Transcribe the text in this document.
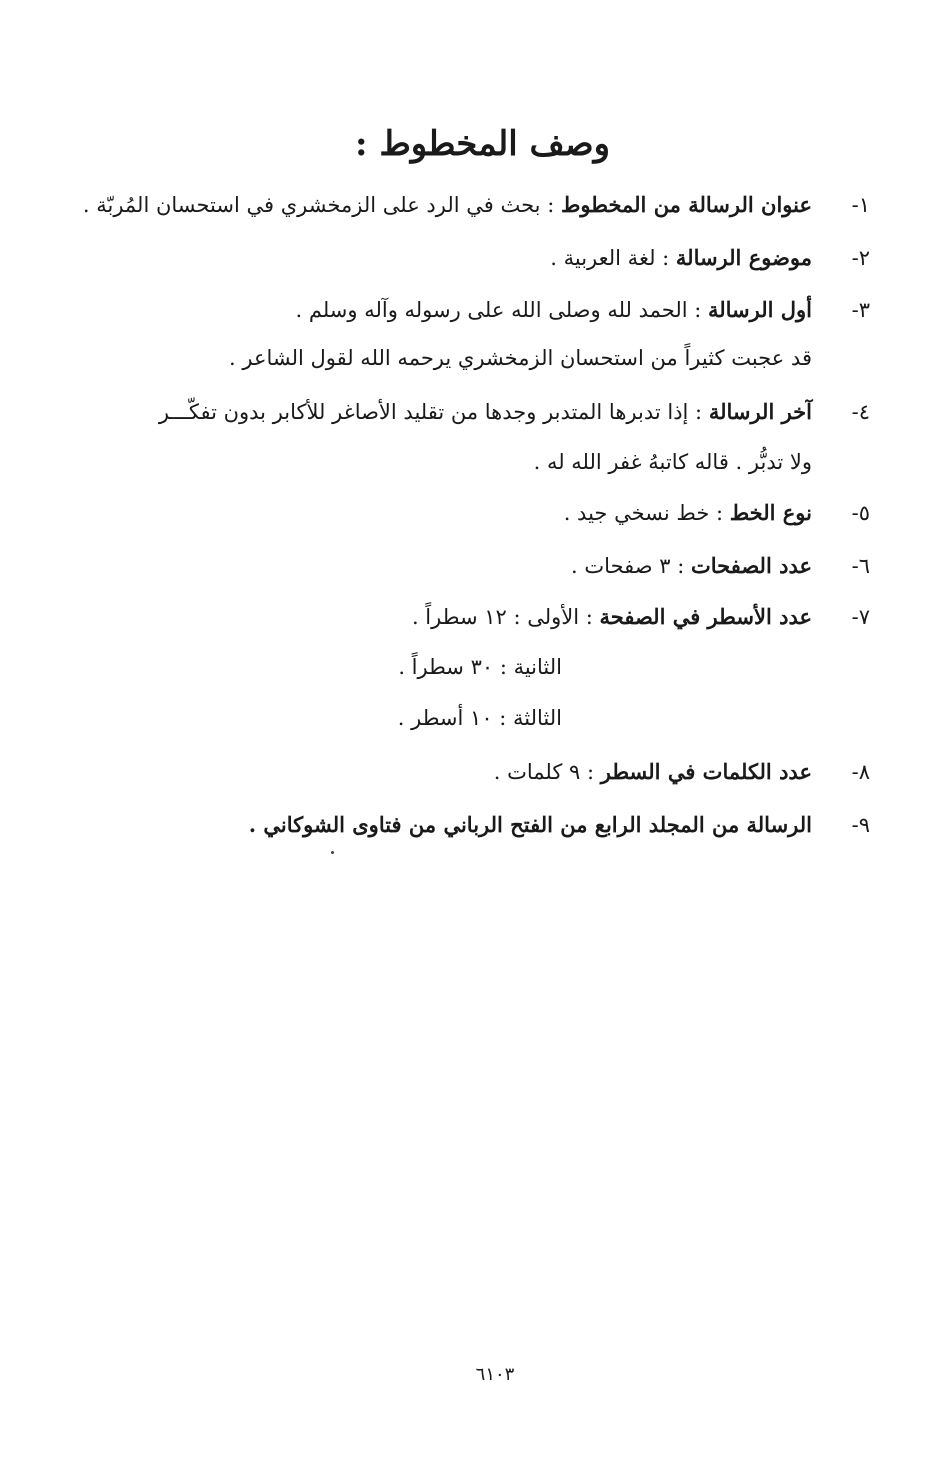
وصف المخطوط :
١-
عنوان الرسالة من المخطوط : بحث في الرد على الزمخشري في استحسان المُربّة .
٢-
موضوع الرسالة : لغة العربية .
٣-
أول الرسالة : الحمد لله وصلى الله على رسوله وآله وسلم .
قد عجبت كثيراً من استحسان الزمخشري يرحمه الله لقول الشاعر .
٤-
آخر الرسالة : إذا تدبرها المتدبر وجدها من تقليد الأصاغر للأكابر بدون تفكّـــر
ولا تدبُّر . قاله كاتبهُ غفر الله له .
٥-
نوع الخط : خط نسخي جيد .
٦-
عدد الصفحات : ٣ صفحات .
٧-
عدد الأسطر في الصفحة : الأولى : ١٢ سطراً .
الثانية : ٣٠ سطراً .
الثالثة : ١٠ أسطر .
٨-
عدد الكلمات في السطر : ٩ كلمات .
٩-
الرسالة من المجلد الرابع من الفتح الرباني من فتاوى الشوكاني .
٦١٠٣
